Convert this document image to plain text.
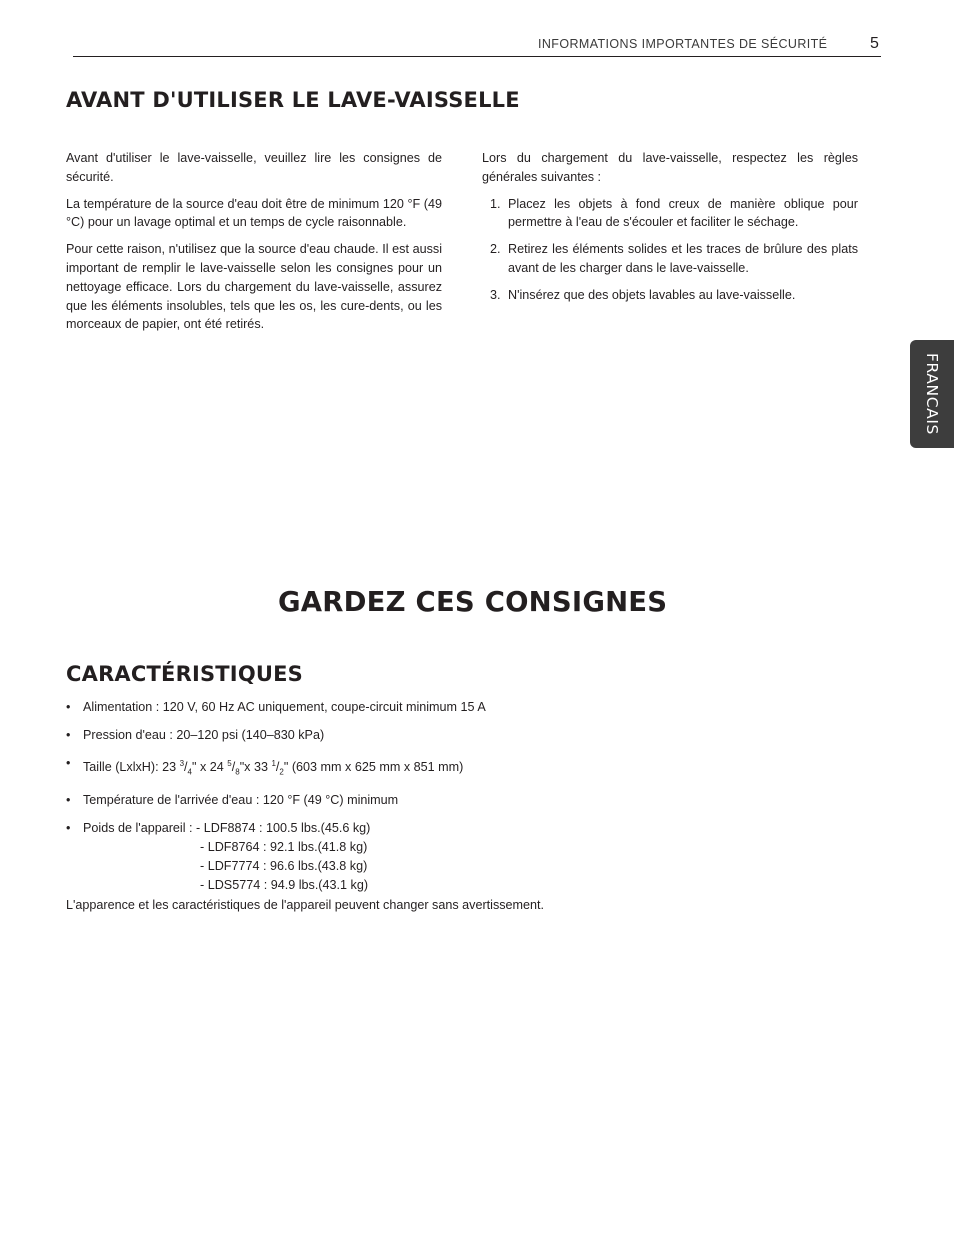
INFORMATIONS IMPORTANTES DE SÉCURITÉ	5
FRANCAIS
AVANT D'UTILISER LE LAVE-VAISSELLE

Avant d'utiliser le lave-vaisselle, veuillez lire les consignes de sécurité.

La température de la source d'eau doit être de minimum 120 °F (49 °C) pour un lavage optimal et un temps de cycle raisonnable.

Pour cette raison, n'utilisez que la source d'eau chaude. Il est aussi important de remplir le lave-vaisselle selon les consignes pour un nettoyage efficace. Lors du chargement du lave-vaisselle, assurez que les éléments insolubles, tels que les os, les cure-dents, ou les morceaux de papier, ont été retirés.

Lors du chargement du lave-vaisselle, respectez les règles générales suivantes :

1. Placez les objets à fond creux de manière oblique pour permettre à l'eau de s'écouler et faciliter le séchage.
2. Retirez les éléments solides et les traces de brûlure des plats avant de les charger dans le lave-vaisselle.
3. N'insérez que des objets lavables au lave-vaisselle.
GARDEZ CES CONSIGNES
CARACTÉRISTIQUES
• Alimentation : 120 V, 60 Hz AC uniquement, coupe-circuit minimum 15 A
• Pression d'eau : 20–120 psi (140–830 kPa)
• Taille (LxlxH): 23 $^3/_4$" x 24 $^5/_8"x$ 33 $^1/_2$" (603 mm x 625 mm x 851 mm)
• Température de l'arrivée d'eau : 120 °F (49 °C) minimum
• Poids de l'appareil : - LDF8874 : 100.5 lbs.(45.6 kg)
- LDF8764 : 92.1 lbs.(41.8 kg)
- LDF7774 : 96.6 lbs.(43.8 kg)
- LDS5774 : 94.9 lbs.(43.1 kg)
L'apparence et les caractéristiques de l'appareil peuvent changer sans avertissement.
